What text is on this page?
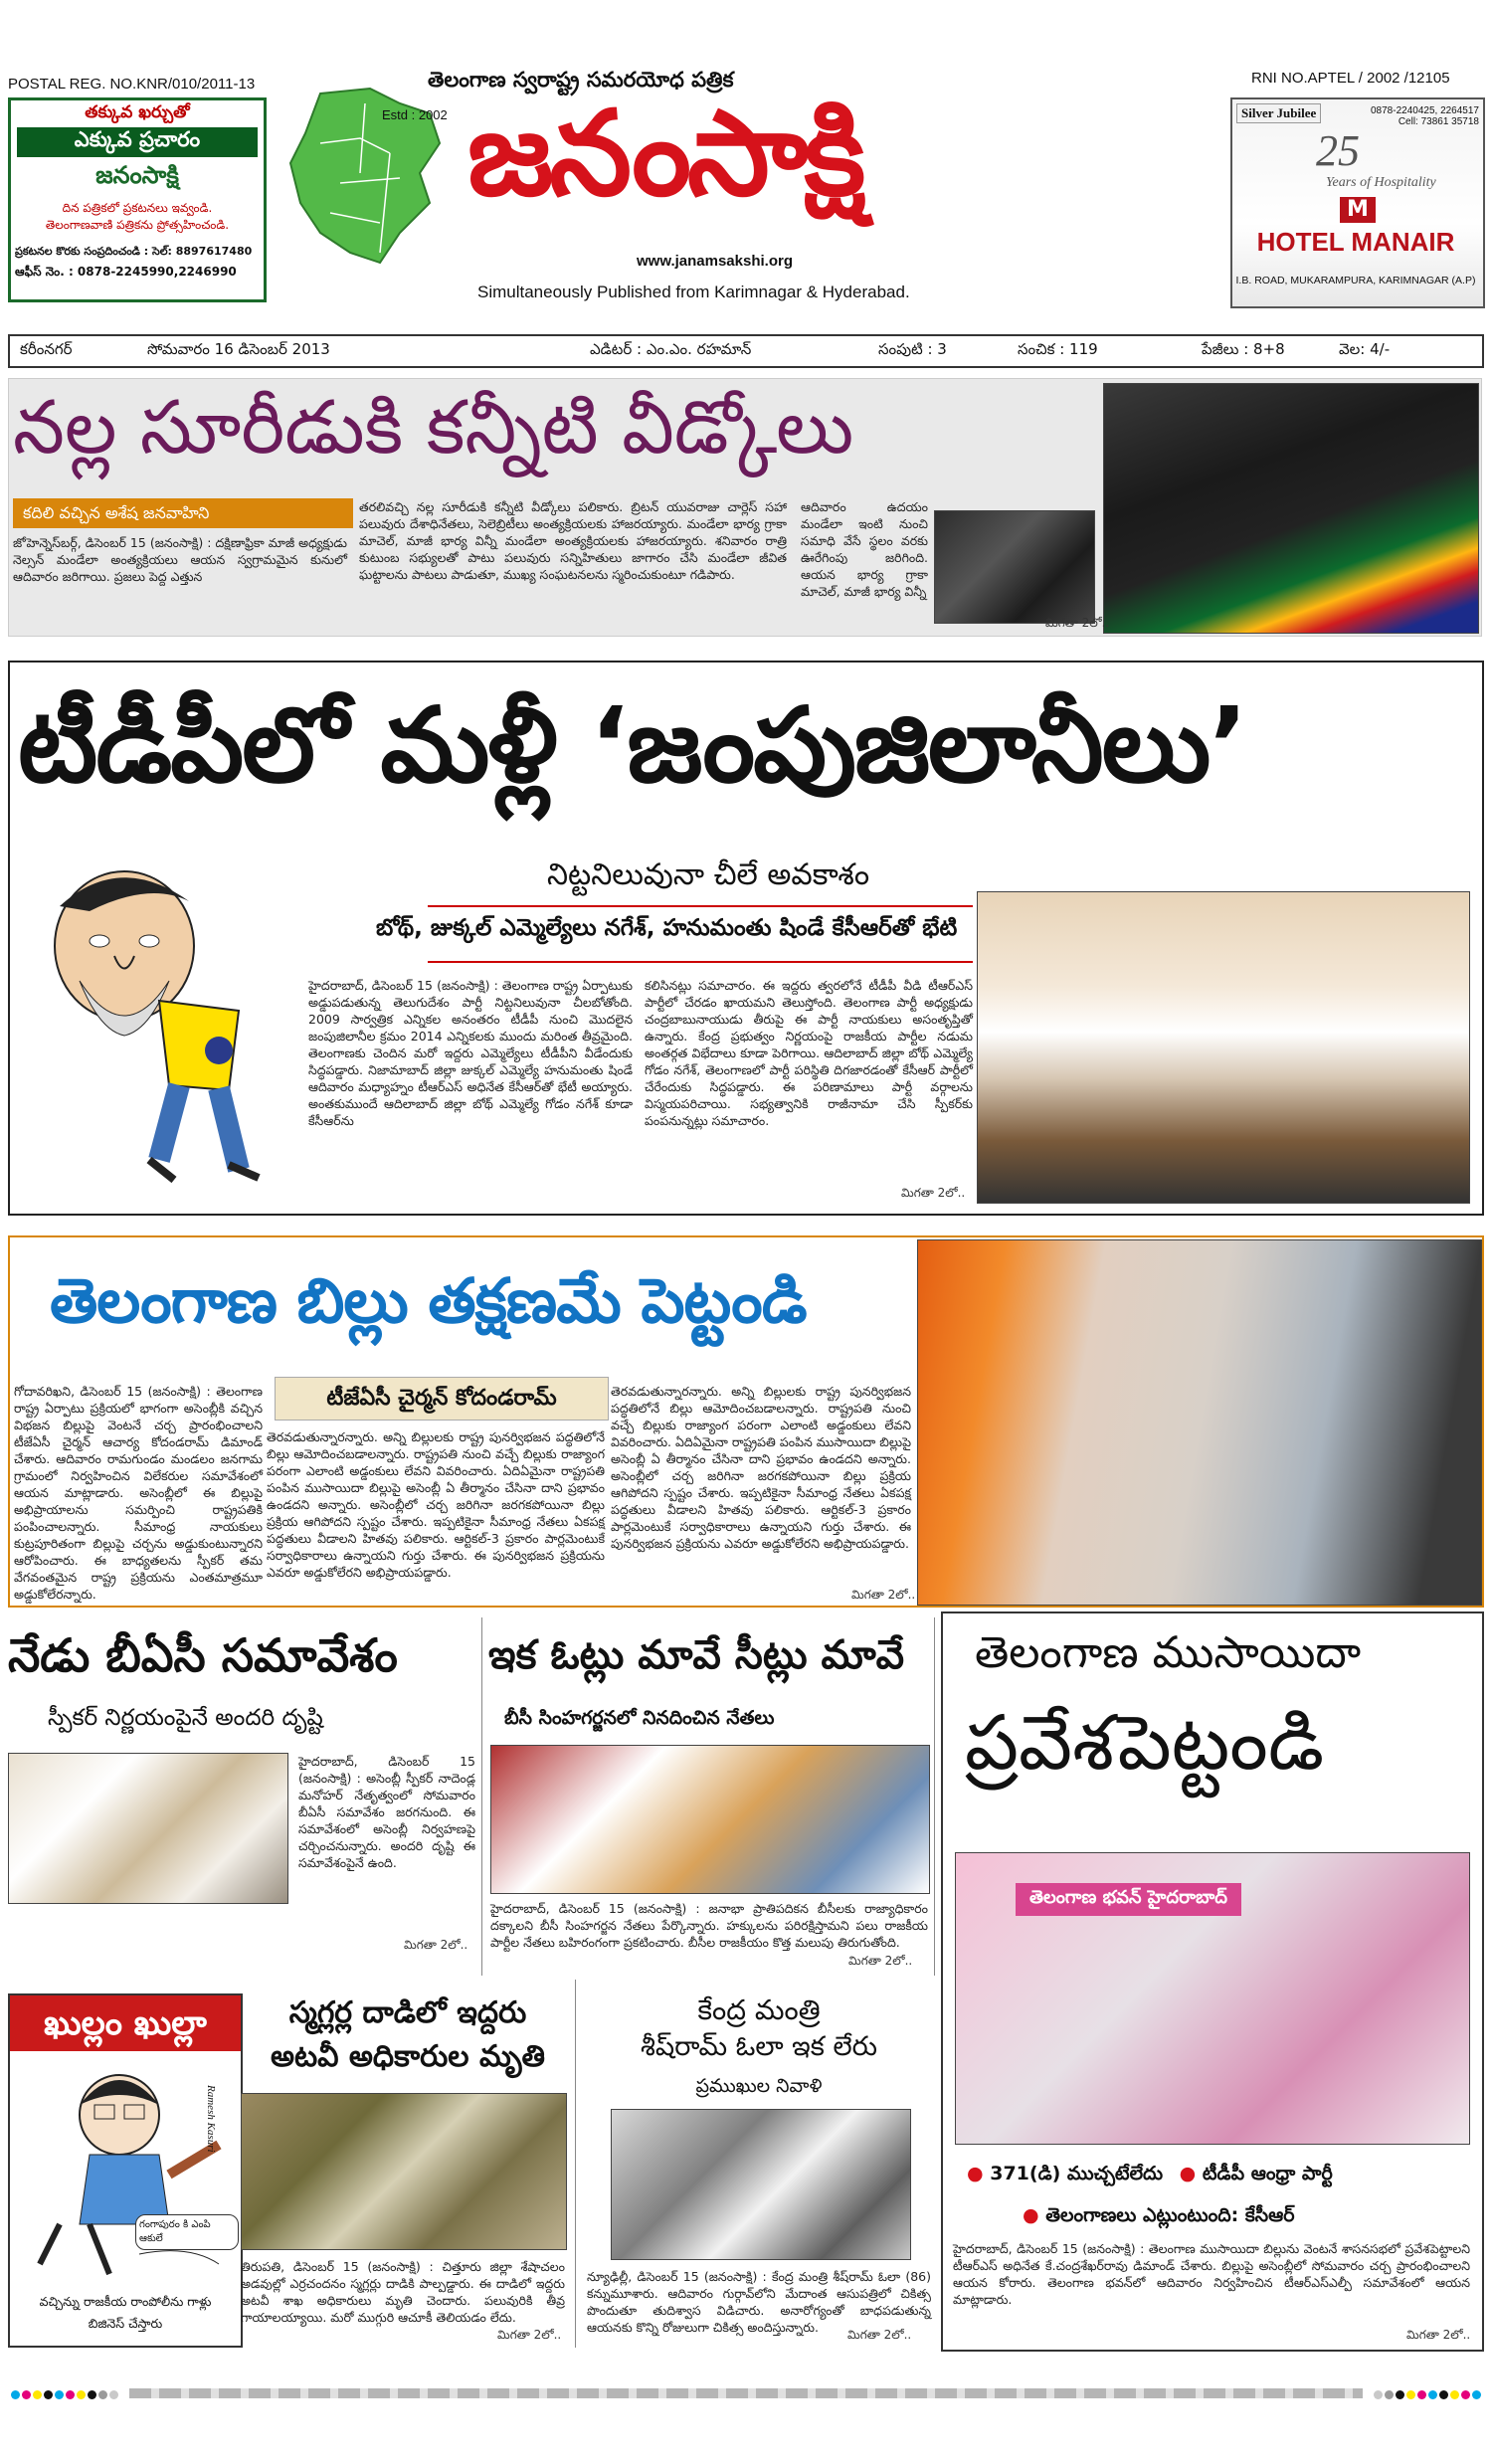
POSTAL REG. NO.KNR/010/2011-13	RNI NO.APTEL / 2002 /12105
తక్కువ ఖర్చుతో
ఎక్కువ ప్రచారం
జనంసాక్షి
దిన పత్రికలో ప్రకటనలు ఇవ్వండి.
తెలంగాణవాణి పత్రికను ప్రోత్సహించండి.
ప్రకటనల కొరకు సంప్రదించండి : సెల్: 8897617480
ఆఫీస్ నెం. : 0878-2245990,2246990
తెలంగాణ స్వరాష్ట్ర సమరయోధ పత్రిక
Estd : 2002 జనంసాక్షి
www.janamsakshi.org
Simultaneously Published from Karimnagar & Hyderabad.
Silver Jubilee	0878-2240425, 2264517
Cell: 73861 35718
25
Years of Hospitality
M
HOTEL MANAIR
I.B. ROAD, MUKARAMPURA, KARIMNAGAR (A.P)
కరీంనగర్	సోమవారం 16 డిసెంబర్ 2013	ఎడిటర్ : ఎం.ఎం. రహమాన్	సంపుటి : 3	సంచిక : 119	పేజీలు : 8+8	వెల: 4/-
నల్ల సూరీడుకి కన్నీటి వీడ్కోలు
కదిలి వచ్చిన అశేష జనవాహిని
జోహెన్నెస్‌బర్గ్, డిసెంబర్ 15 (జనంసాక్షి) : దక్షిణాఫ్రికా మాజీ అధ్యక్షుడు నెల్సన్ మండేలా అంత్యక్రియలు ఆయన స్వగ్రామమైన కునులో ఆదివారం జరిగాయి. ప్రజలు పెద్ద ఎత్తున
తరలివచ్చి నల్ల సూరీడుకి కన్నీటి వీడ్కోలు పలికారు. బ్రిటన్ యువరాజు చార్లెస్ సహా పలువురు దేశాధినేతలు, సెలెబ్రిటీలు అంత్యక్రియలకు హాజరయ్యారు. మండేలా భార్య గ్రాకా మాచెల్, మాజీ భార్య విన్నీ మండేలా అంత్యక్రియలకు హాజరయ్యారు. శనివారం రాత్రి కుటుంబ సభ్యులతో పాటు పలువురు సన్నిహితులు జాగారం చేసి మండేలా జీవిత ఘట్టాలను పాటలు పాడుతూ, ముఖ్య సంఘటనలను స్మరించుకుంటూ గడిపారు.
ఆదివారం ఉదయం మండేలా ఇంటి నుంచి సమాధి వేసే స్థలం వరకు ఊరేగింపు జరిగింది. ఆయన భార్య గ్రాకా మాచెల్, మాజీ భార్య విన్నీ
మిగతా 2లో..
టీడీపీలో మళ్లీ ‘జంపుజిలానీలు’
నిట్టనిలువునా చీలే అవకాశం
బోథ్, జుక్కల్ ఎమ్మెల్యేలు నగేశ్, హనుమంతు షిండే కేసీఆర్‌తో భేటి
హైదరాబాద్, డిసెంబర్ 15 (జనంసాక్షి) : తెలంగాణ రాష్ట్ర ఏర్పాటుకు అడ్డుపడుతున్న తెలుగుదేశం పార్టీ నిట్టనిలువునా చీలబోతోంది. 2009 సార్వత్రిక ఎన్నికల అనంతరం టీడీపీ నుంచి మొదలైన జంపుజిలానీల క్రమం 2014 ఎన్నికలకు ముందు మరింత తీవ్రమైంది. తెలంగాణకు చెందిన మరో ఇద్దరు ఎమ్మెల్యేలు టీడీపీని వీడేందుకు సిద్ధపడ్డారు. నిజామాబాద్ జిల్లా జుక్కల్ ఎమ్మెల్యే హనుమంతు షిండే ఆదివారం మధ్యాహ్నం టీఆర్‌ఎస్ అధినేత కేసీఆర్‌తో భేటీ అయ్యారు. అంతకుముందే ఆదిలాబాద్ జిల్లా బోథ్ ఎమ్మెల్యే గోడం నగేశ్ కూడా కేసీఆర్‌ను
కలిసినట్లు సమాచారం. ఈ ఇద్దరు త్వరలోనే టీడీపీ వీడి టీఆర్‌ఎస్ పార్టీలో చేరడం ఖాయమని తెలుస్తోంది. తెలంగాణ పార్టీ అధ్యక్షుడు చంద్రబాబునాయుడు తీరుపై ఈ పార్టీ నాయకులు అసంతృప్తితో ఉన్నారు. కేంద్ర ప్రభుత్వం నిర్ణయంపై రాజకీయ పార్టీల నడుమ అంతర్గత విభేదాలు కూడా పెరిగాయి. ఆదిలాబాద్ జిల్లా బోథ్ ఎమ్మెల్యే గోడం నగేశ్, తెలంగాణలో పార్టీ పరిస్థితి దిగజారడంతో కేసీఆర్ పార్టీలో చేరేందుకు సిద్ధపడ్డారు. ఈ పరిణామాలు పార్టీ వర్గాలను విస్మయపరిచాయి. సభ్యత్వానికి రాజీనామా చేసి స్పీకర్‌కు పంపనున్నట్లు సమాచారం.
మిగతా 2లో..
తెలంగాణ బిల్లు తక్షణమే పెట్టండి
టీజేఏసీ చైర్మన్ కోదండరామ్
గోదావరిఖని, డిసెంబర్ 15 (జనంసాక్షి) : తెలంగాణ రాష్ట్ర ఏర్పాటు ప్రక్రియలో భాగంగా అసెంబ్లీకి వచ్చిన విభజన బిల్లుపై వెంటనే చర్చ ప్రారంభించాలని టీజేఏసీ చైర్మన్ ఆచార్య కోదండరామ్ డిమాండ్ చేశారు. ఆదివారం రామగుండం మండలం జనగామ గ్రామంలో నిర్వహించిన విలేకరుల సమావేశంలో ఆయన మాట్లాడారు. అసెంబ్లీలో ఈ బిల్లుపై అభిప్రాయాలను సమర్పించి రాష్ట్రపతికి పంపించాలన్నారు. సీమాంధ్ర నాయకులు కుట్రపూరితంగా బిల్లుపై చర్చను అడ్డుకుంటున్నారని ఆరోపించారు. ఈ బాధ్యతలను స్పీకర్ తమ వేగవంతమైన రాష్ట్ర ప్రక్రియను ఎంతమాత్రమూ అడ్డుకోలేరన్నారు.
తెరవడుతున్నారన్నారు. అన్ని బిల్లులకు రాష్ట్ర పునర్విభజన పద్ధతిలోనే బిల్లు ఆమోదించబడాలన్నారు. రాష్ట్రపతి నుంచి వచ్చే బిల్లుకు రాజ్యాంగ పరంగా ఎలాంటి అడ్డంకులు లేవని వివరించారు. ఏదిఏమైనా రాష్ట్రపతి పంపిన ముసాయిదా బిల్లుపై అసెంబ్లీ ఏ తీర్మానం చేసినా దాని ప్రభావం ఉండదని అన్నారు. అసెంబ్లీలో చర్చ జరిగినా జరగకపోయినా బిల్లు ప్రక్రియ ఆగిపోదని స్పష్టం చేశారు. ఇప్పటికైనా సీమాంధ్ర నేతలు ఏకపక్ష పద్ధతులు వీడాలని హితవు పలికారు. ఆర్టికల్-3 ప్రకారం పార్లమెంటుకే సర్వాధికారాలు ఉన్నాయని గుర్తు చేశారు. ఈ పునర్విభజన ప్రక్రియను ఎవరూ అడ్డుకోలేరని అభిప్రాయపడ్డారు.
తెరవడుతున్నారన్నారు. అన్ని బిల్లులకు రాష్ట్ర పునర్విభజన పద్ధతిలోనే బిల్లు ఆమోదించబడాలన్నారు. రాష్ట్రపతి నుంచి వచ్చే బిల్లుకు రాజ్యాంగ పరంగా ఎలాంటి అడ్డంకులు లేవని వివరించారు. ఏదిఏమైనా రాష్ట్రపతి పంపిన ముసాయిదా బిల్లుపై అసెంబ్లీ ఏ తీర్మానం చేసినా దాని ప్రభావం ఉండదని అన్నారు. అసెంబ్లీలో చర్చ జరిగినా జరగకపోయినా బిల్లు ప్రక్రియ ఆగిపోదని స్పష్టం చేశారు. ఇప్పటికైనా సీమాంధ్ర నేతలు ఏకపక్ష పద్ధతులు వీడాలని హితవు పలికారు. ఆర్టికల్-3 ప్రకారం పార్లమెంటుకే సర్వాధికారాలు ఉన్నాయని గుర్తు చేశారు. ఈ పునర్విభజన ప్రక్రియను ఎవరూ అడ్డుకోలేరని అభిప్రాయపడ్డారు.
మిగతా 2లో..
నేడు బీఏసీ సమావేశం
స్పీకర్ నిర్ణయంపైనే అందరి దృష్టి
హైదరాబాద్, డిసెంబర్ 15 (జనంసాక్షి) : అసెంబ్లీ స్పీకర్ నాదెండ్ల మనోహర్ నేతృత్వంలో సోమవారం బీఏసీ సమావేశం జరగనుంది. ఈ సమావేశంలో అసెంబ్లీ నిర్వహణపై చర్చించనున్నారు. అందరి దృష్టి ఈ సమావేశంపైనే ఉంది.
మిగతా 2లో..
ఇక ఓట్లు మావే సీట్లు మావే
బీసీ సింహగర్జనలో నినదించిన నేతలు
హైదరాబాద్, డిసెంబర్ 15 (జనంసాక్షి) : జనాభా ప్రాతిపదికన బీసీలకు రాజ్యాధికారం దక్కాలని బీసీ సింహగర్జన నేతలు పేర్కొన్నారు. హక్కులను పరిరక్షిస్తామని పలు రాజకీయ పార్టీల నేతలు బహిరంగంగా ప్రకటించారు. బీసీల రాజకీయం కొత్త మలుపు తిరుగుతోంది.
మిగతా 2లో..
తెలంగాణ ముసాయిదా
ప్రవేశపెట్టండి
తెలంగాణ భవన్ హైదరాబాద్
● 371(డి) ముచ్చటేలేదు ● టీడీపీ ఆంధ్రా పార్టీ
● తెలంగాణలు ఎట్లుంటుంది: కేసీఆర్
హైదరాబాద్, డిసెంబర్ 15 (జనంసాక్షి) : తెలంగాణ ముసాయిదా బిల్లును వెంటనే శాసనసభలో ప్రవేశపెట్టాలని టీఆర్‌ఎస్ అధినేత కే.చంద్రశేఖర్‌రావు డిమాండ్ చేశారు. బిల్లుపై అసెంబ్లీలో సోమవారం చర్చ ప్రారంభించాలని ఆయన కోరారు. తెలంగాణ భవన్‌లో ఆదివారం నిర్వహించిన టీఆర్‌ఎస్‌ఎల్పీ సమావేశంలో ఆయన మాట్లాడారు.
మిగతా 2లో..
ఖుల్లం ఖుల్లా
Ramesh Kasuri
గంగాపురం కి ఎంపి ఆకులే
వచ్చిన్ను రాజకీయ రాంపోలీను గాళ్లు
బిజినెస్ చేస్తారు
స్మగ్లర్ల దాడిలో ఇద్దరు
అటవీ అధికారుల మృతి
తిరుపతి, డిసెంబర్ 15 (జనంసాక్షి) : చిత్తూరు జిల్లా శేషాచలం అడవుల్లో ఎర్రచందనం స్మగ్లర్లు దాడికి పాల్పడ్డారు. ఈ దాడిలో ఇద్దరు అటవీ శాఖ అధికారులు మృతి చెందారు. పలువురికి తీవ్ర గాయాలయ్యాయి. మరో ముగ్గురి ఆచూకీ తెలియడం లేదు.
మిగతా 2లో..
కేంద్ర మంత్రి
శీష్‌రామ్ ఓలా ఇక లేరు
ప్రముఖుల నివాళి
న్యూఢిల్లీ, డిసెంబర్ 15 (జనంసాక్షి) : కేంద్ర మంత్రి శీష్‌రామ్ ఓలా (86) కన్నుమూశారు. ఆదివారం గుర్గావ్‌లోని మేదాంత ఆసుపత్రిలో చికిత్స పొందుతూ తుదిశ్వాస విడిచారు. అనారోగ్యంతో బాధపడుతున్న ఆయనకు కొన్ని రోజులుగా చికిత్స అందిస్తున్నారు.	మిగతా 2లో..
